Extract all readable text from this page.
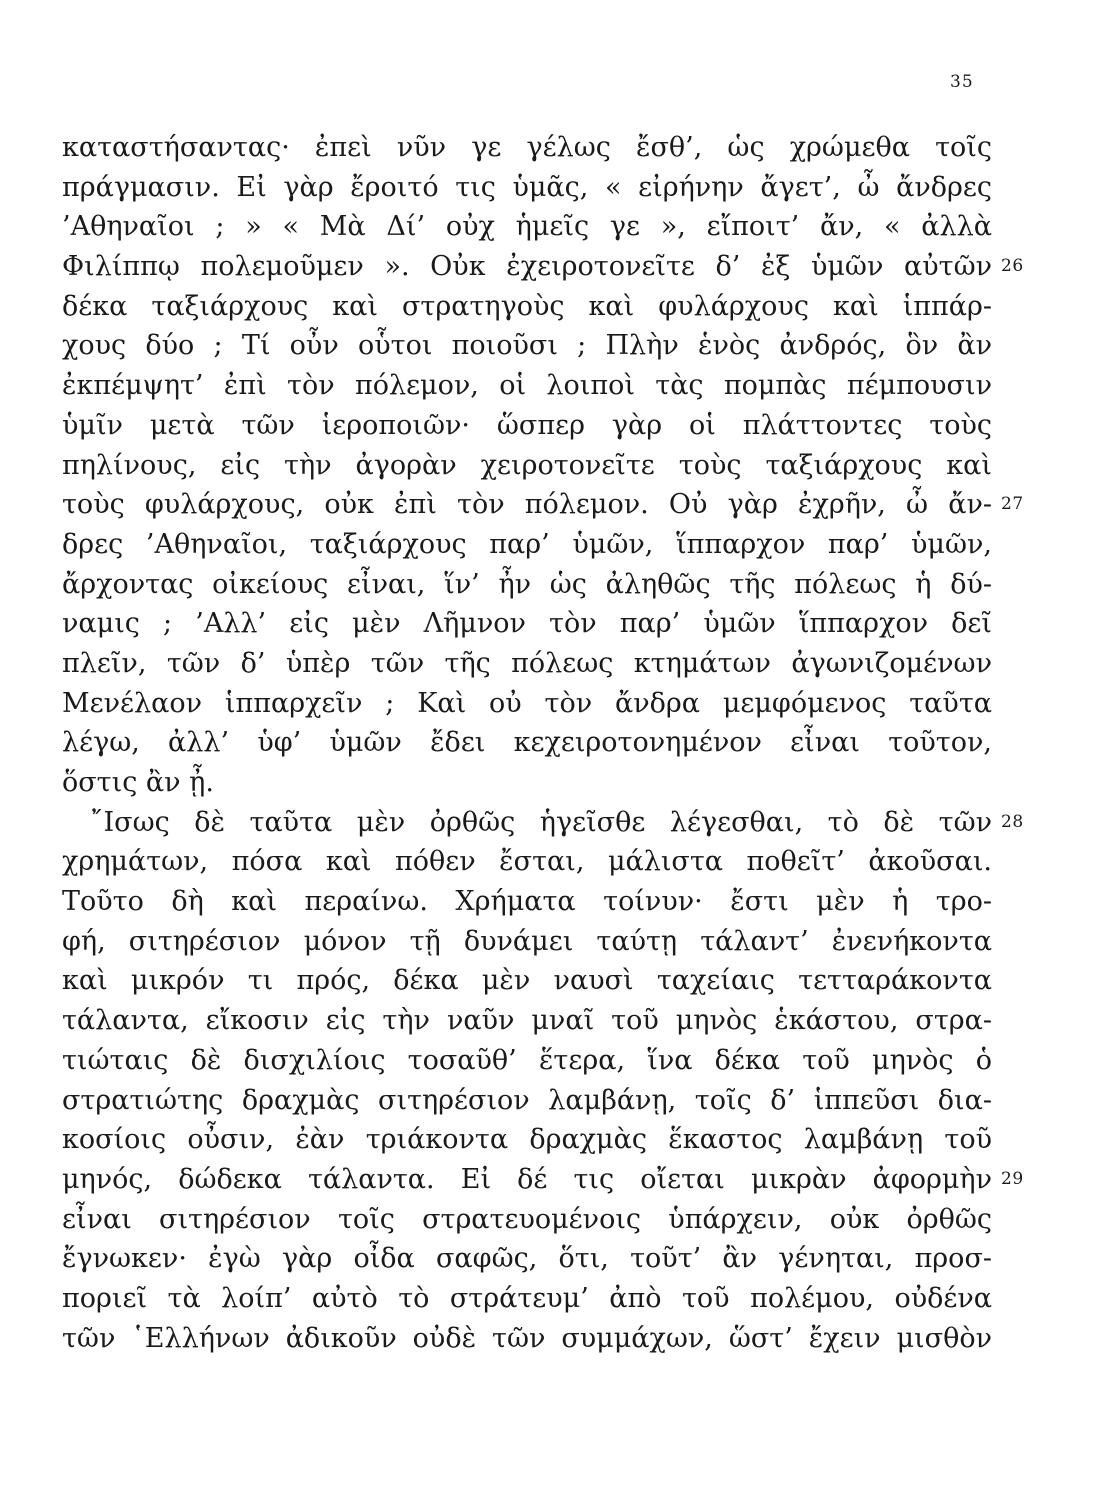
35
καταστήσαντας· ἐπεὶ νῦν γε γέλως ἔσθ’, ὡς χρώμεθα τοῖς
πράγμασιν. Εἰ γὰρ ἔροιτό τις ὑμᾶς, « εἰρήνην ἄγετ’, ὦ ἄνδρες
’Αθηναῖοι ; » « Μὰ Δί’ οὐχ ἡμεῖς γε », εἴποιτ’ ἄν, « ἀλλὰ
Φιλίππῳ πολεμοῦμεν ». Οὐκ ἐχειροτονεῖτε δ’ ἐξ ὑμῶν αὐτῶν 26
δέκα ταξιάρχους καὶ στρατηγοὺς καὶ φυλάρχους καὶ ἱππάρ-
χους δύο ; Τί οὖν οὗτοι ποιοῦσι ; Πλὴν ἑνὸς ἀνδρός, ὃν ἂν
ἐκπέμψητ’ ἐπὶ τὸν πόλεμον, οἱ λοιποὶ τὰς πομπὰς πέμπουσιν
ὑμῖν μετὰ τῶν ἱεροποιῶν· ὥσπερ γὰρ οἱ πλάττοντες τοὺς
πηλίνους, εἰς τὴν ἀγορὰν χειροτονεῖτε τοὺς ταξιάρχους καὶ
τοὺς φυλάρχους, οὐκ ἐπὶ τὸν πόλεμον. Οὐ γὰρ ἐχρῆν, ὦ ἄν- 27
δρες ’Αθηναῖοι, ταξιάρχους παρ’ ὑμῶν, ἵππαρχον παρ’ ὑμῶν,
ἄρχοντας οἰκείους εἶναι, ἵν’ ἦν ὡς ἀληθῶς τῆς πόλεως ἡ δύ-
ναμις ; ’Αλλ’ εἰς μὲν Λῆμνον τὸν παρ’ ὑμῶν ἵππαρχον δεῖ
πλεῖν, τῶν δ’ ὑπὲρ τῶν τῆς πόλεως κτημάτων ἀγωνιζομένων
Μενέλαον ἱππαρχεῖν ; Καὶ οὐ τὸν ἄνδρα μεμφόμενος ταῦτα
λέγω, ἀλλ’ ὑφ’ ὑμῶν ἔδει κεχειροτονημένον εἶναι τοῦτον,
ὅστις ἂν ᾖ.
῎Ισως δὲ ταῦτα μὲν ὀρθῶς ἡγεῖσθε λέγεσθαι, τὸ δὲ τῶν 28
χρημάτων, πόσα καὶ πόθεν ἔσται, μάλιστα ποθεῖτ’ ἀκοῦσαι.
Τοῦτο δὴ καὶ περαίνω. Χρήματα τοίνυν· ἔστι μὲν ἡ τρο-
φή, σιτηρέσιον μόνον τῇ δυνάμει ταύτῃ τάλαντ’ ἐνενήκοντα
καὶ μικρόν τι πρός, δέκα μὲν ναυσὶ ταχείαις τετταράκοντα
τάλαντα, εἴκοσιν εἰς τὴν ναῦν μναῖ τοῦ μηνὸς ἑκάστου, στρα-
τιώταις δὲ δισχιλίοις τοσαῦθ’ ἕτερα, ἵνα δέκα τοῦ μηνὸς ὁ
στρατιώτης δραχμὰς σιτηρέσιον λαμβάνῃ, τοῖς δ’ ἱππεῦσι δια-
κοσίοις οὖσιν, ἐὰν τριάκοντα δραχμὰς ἕκαστος λαμβάνῃ τοῦ
μηνός, δώδεκα τάλαντα. Εἰ δέ τις οἴεται μικρὰν ἀφορμὴν 29
εἶναι σιτηρέσιον τοῖς στρατευομένοις ὑπάρχειν, οὐκ ὀρθῶς
ἔγνωκεν· ἐγὼ γὰρ οἶδα σαφῶς, ὅτι, τοῦτ’ ἂν γένηται, προσ-
ποριεῖ τὰ λοίπ’ αὐτὸ τὸ στράτευμ’ ἀπὸ τοῦ πολέμου, οὐδένα
τῶν ῾Ελλήνων ἀδικοῦν οὐδὲ τῶν συμμάχων, ὥστ’ ἔχειν μισθὸν
